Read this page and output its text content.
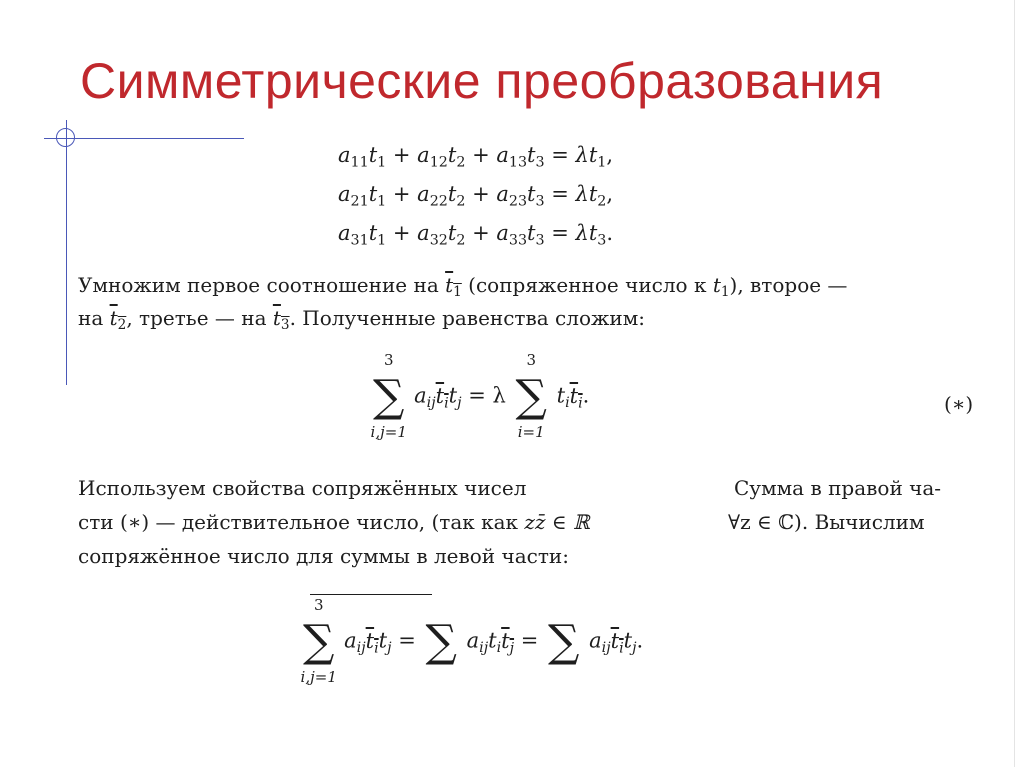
Симметрические преобразования
$a_{11}t_1 + a_{12}t_2 + a_{13}t_3 = \lambda t_1$,
$a_{21}t_1 + a_{22}t_2 + a_{23}t_3 = \lambda t_2$,
$a_{31}t_1 + a_{32}t_2 + a_{33}t_3 = \lambda t_3$.
Умножим первое соотношение на $\overline{t}_1$ (сопряженное число к $t_1$), второе —
на $\overline{t}_2$, третье — на $\overline{t}_3$. Полученные равенства сложим:
3
∑
i,j=1
$a_{ij}t_it_j = \lambda$
3
∑
i=1
$t_it_i$.	(∗)
Используем свойства сопряжённых чисел	Сумма в правой ча-
сти (∗) — действительное число, (так как zz̄ ∈ ℝ	∀z ∈ ℂ). Вычислим
сопряжённое число для суммы в левой части:
3
∑
i,j=1
$a_{ij}t_it_j$ = ∑ $a_{ij}t_it_j$ = ∑ $a_{ij}t_it_j$.
